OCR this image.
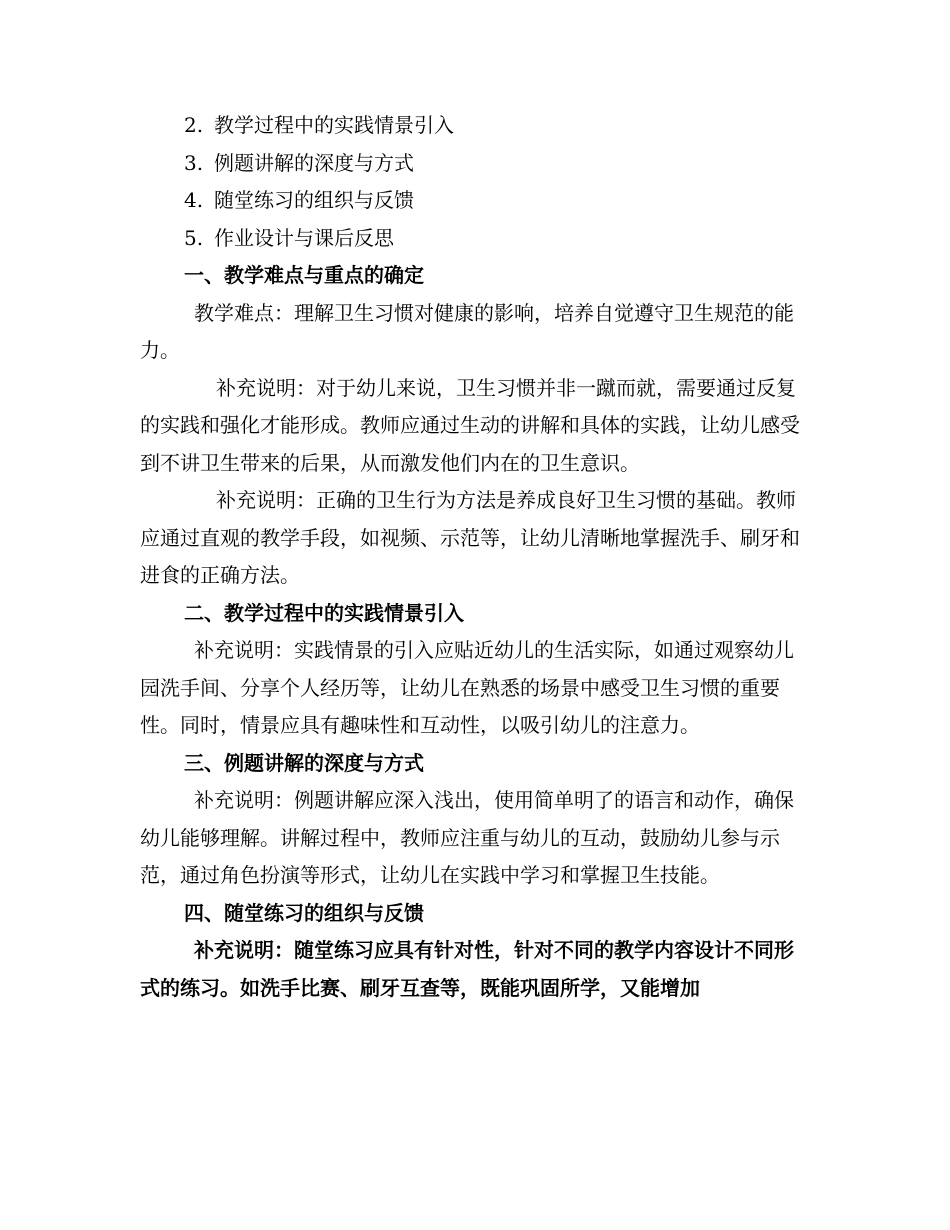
2. 教学过程中的实践情景引入
3. 例题讲解的深度与方式
4. 随堂练习的组织与反馈
5. 作业设计与课后反思
一、教学难点与重点的确定

教学难点：理解卫生习惯对健康的影响，培养自觉遵守卫生规范的能力。

补充说明：对于幼儿来说，卫生习惯并非一蹴而就，需要通过反复的实践和强化才能形成。教师应通过生动的讲解和具体的实践，让幼儿感受到不讲卫生带来的后果，从而激发他们内在的卫生意识。

补充说明：正确的卫生行为方法是养成良好卫生习惯的基础。教师应通过直观的教学手段，如视频、示范等，让幼儿清晰地掌握洗手、刷牙和进食的正确方法。

二、教学过程中的实践情景引入

补充说明：实践情景的引入应贴近幼儿的生活实际，如通过观察幼儿园洗手间、分享个人经历等，让幼儿在熟悉的场景中感受卫生习惯的重要性。同时，情景应具有趣味性和互动性，以吸引幼儿的注意力。

三、例题讲解的深度与方式

补充说明：例题讲解应深入浅出，使用简单明了的语言和动作，确保幼儿能够理解。讲解过程中，教师应注重与幼儿的互动，鼓励幼儿参与示范，通过角色扮演等形式，让幼儿在实践中学习和掌握卫生技能。

四、随堂练习的组织与反馈

补充说明：随堂练习应具有针对性，针对不同的教学内容设计不同形式的练习。如洗手比赛、刷牙互查等，既能巩固所学，又能增加
